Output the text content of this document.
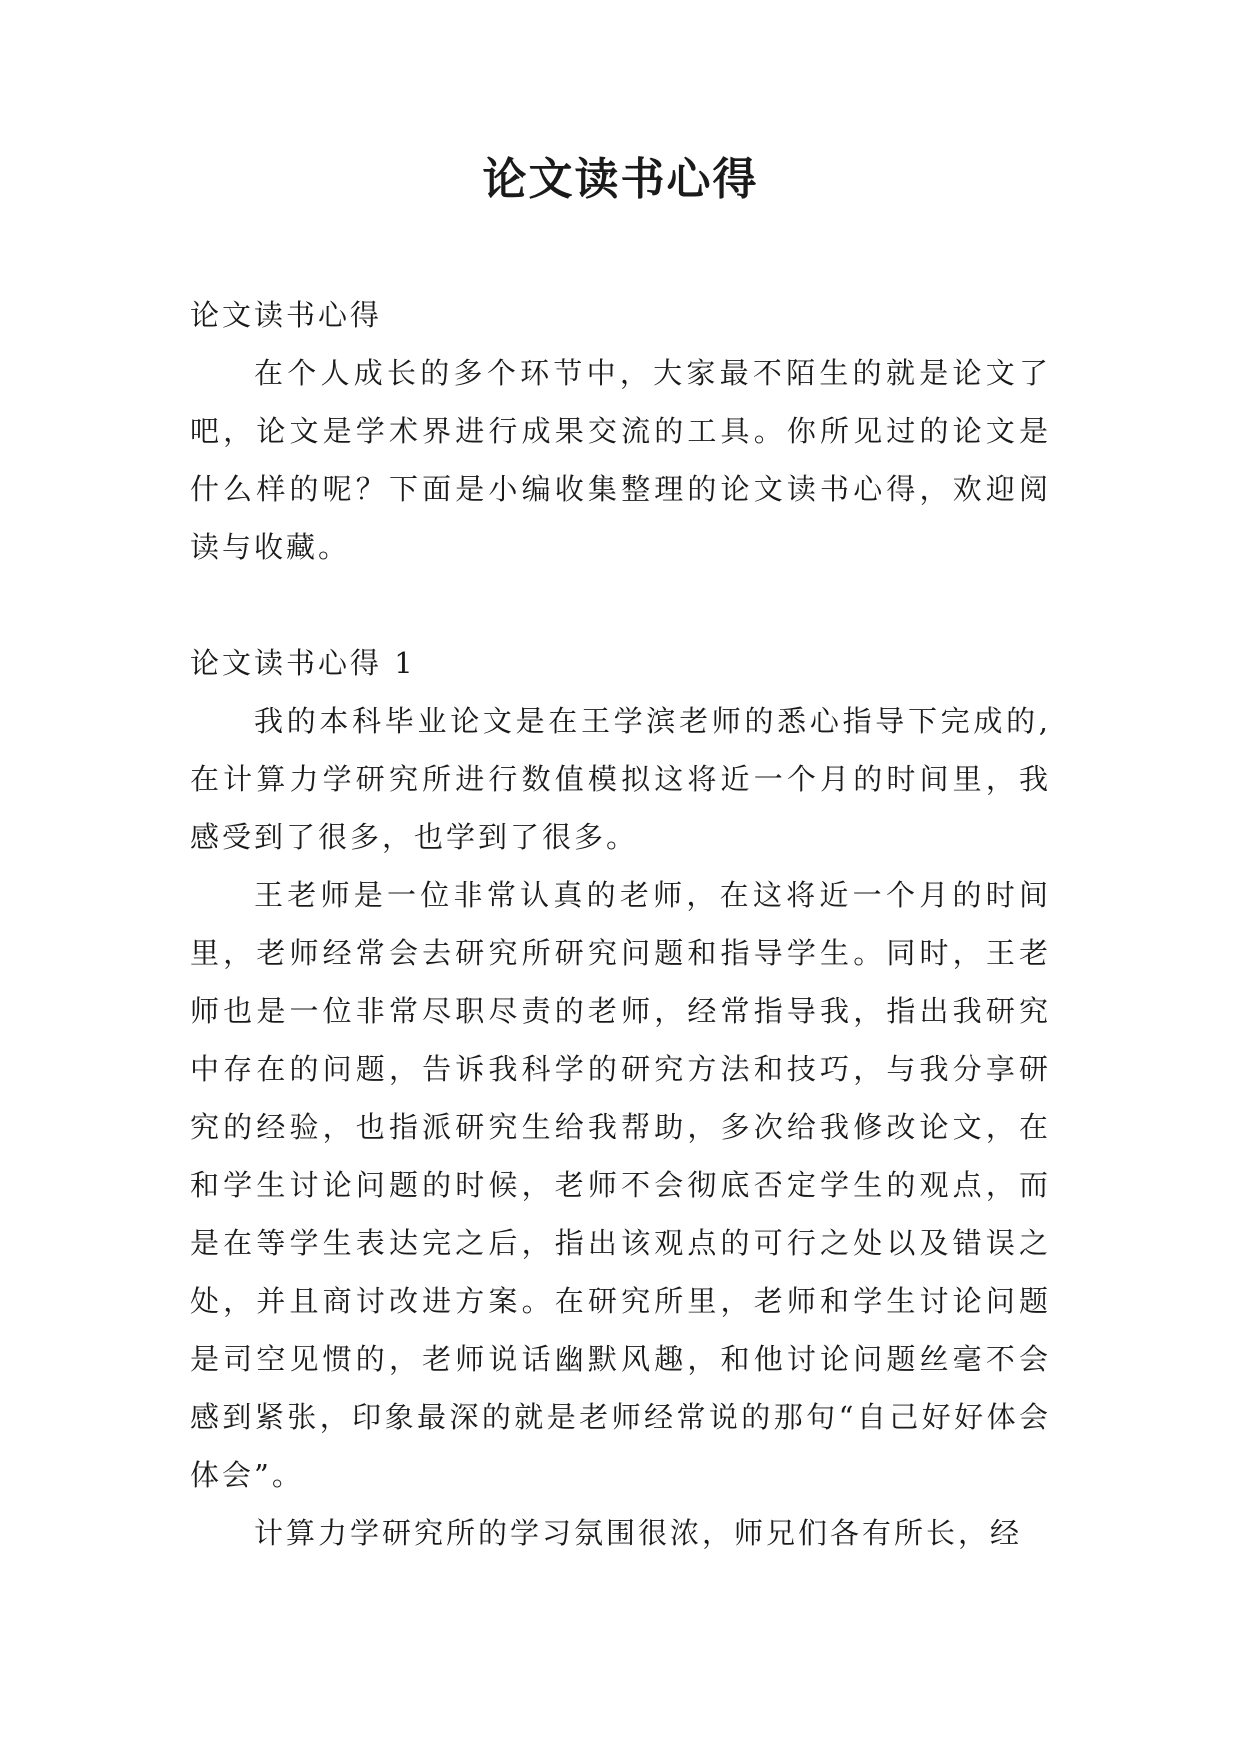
论文读书心得

论文读书心得

在个人成长的多个环节中，大家最不陌生的就是论文了吧，论文是学术界进行成果交流的工具。你所见过的论文是什么样的呢？下面是小编收集整理的论文读书心得，欢迎阅读与收藏。

论文读书心得 1

我的本科毕业论文是在王学滨老师的悉心指导下完成的,在计算力学研究所进行数值模拟这将近一个月的时间里，我感受到了很多，也学到了很多。

王老师是一位非常认真的老师，在这将近一个月的时间里，老师经常会去研究所研究问题和指导学生。同时，王老师也是一位非常尽职尽责的老师，经常指导我，指出我研究中存在的问题，告诉我科学的研究方法和技巧，与我分享研究的经验，也指派研究生给我帮助，多次给我修改论文，在和学生讨论问题的时候，老师不会彻底否定学生的观点，而是在等学生表达完之后，指出该观点的可行之处以及错误之处，并且商讨改进方案。在研究所里，老师和学生讨论问题是司空见惯的，老师说话幽默风趣，和他讨论问题丝毫不会感到紧张，印象最深的就是老师经常说的那句“自己好好体会体会”。

计算力学研究所的学习氛围很浓，师兄们各有所长，经
